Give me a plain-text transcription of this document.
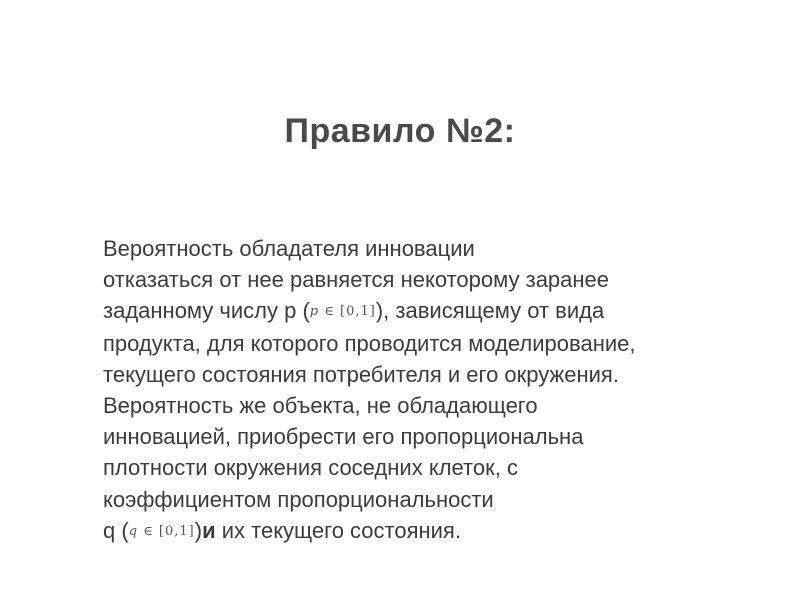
Правило №2:
Вероятность обладателя инновации
отказаться от нее равняется некоторому заранее
заданному числу p (p ∈ [0,1]), зависящему от вида
продукта, для которого проводится моделирование,
текущего состояния потребителя и его окружения.
Вероятность же объекта, не обладающего
инновацией, приобрести его пропорциональна
плотности окружения соседних клеток, с
коэффициентом пропорциональности
q (q ∈ [0,1])и их текущего состояния.
